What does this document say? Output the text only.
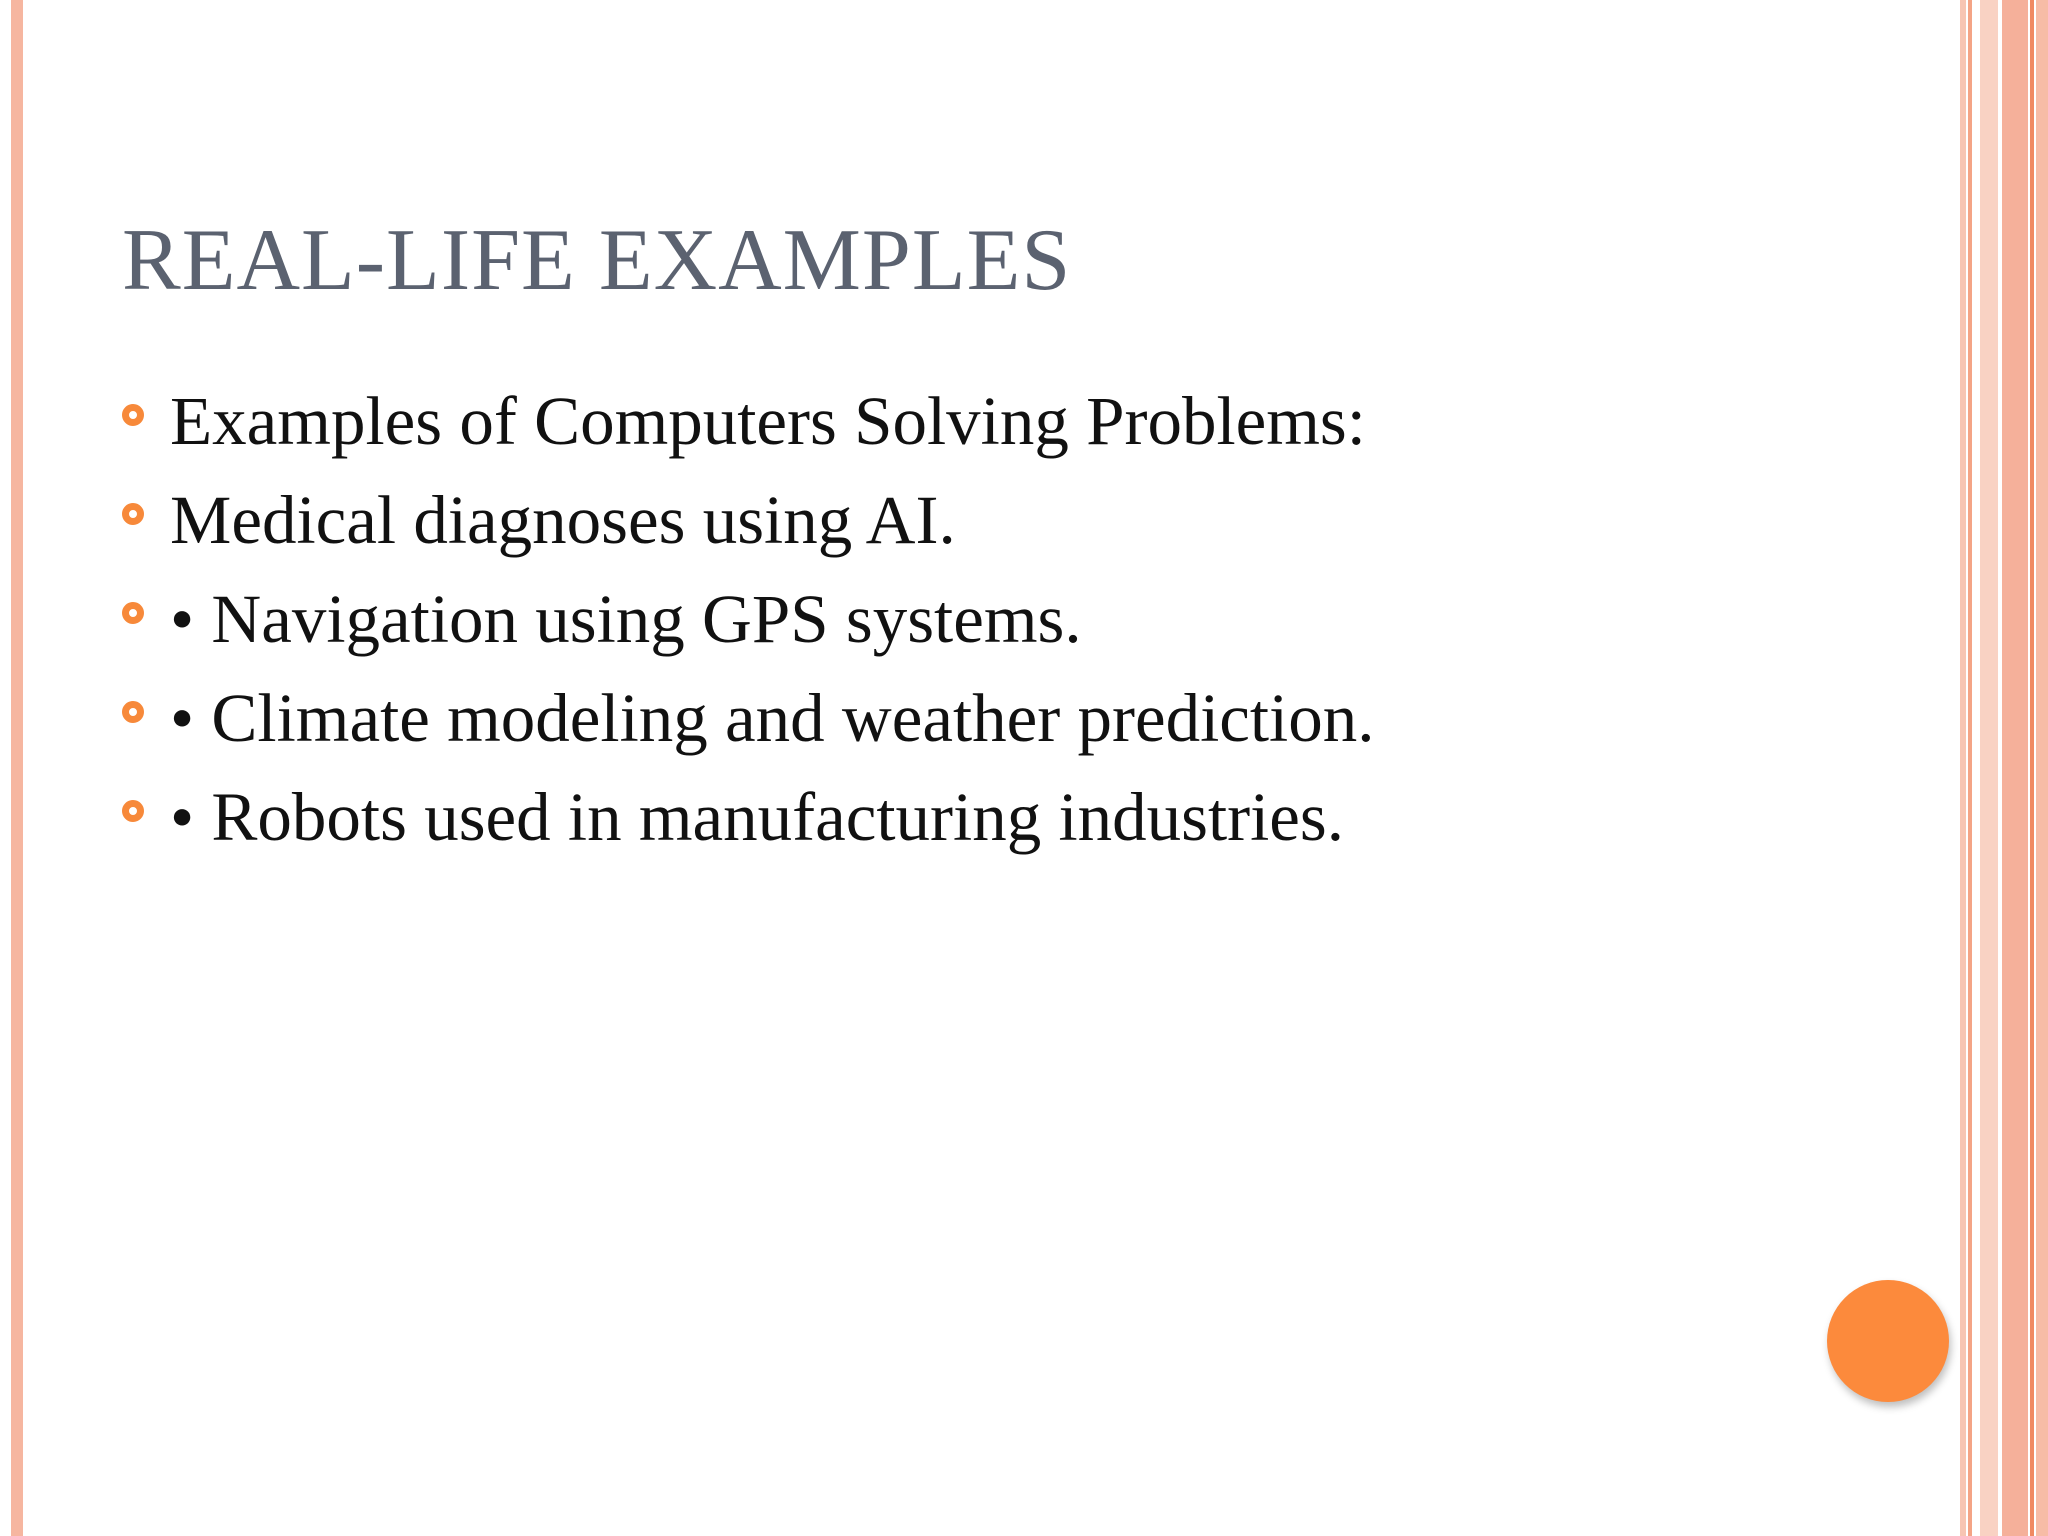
REAL-LIFE EXAMPLES
Examples of Computers Solving Problems:
Medical diagnoses using AI.
• Navigation using GPS systems.
• Climate modeling and weather prediction.
• Robots used in manufacturing industries.
